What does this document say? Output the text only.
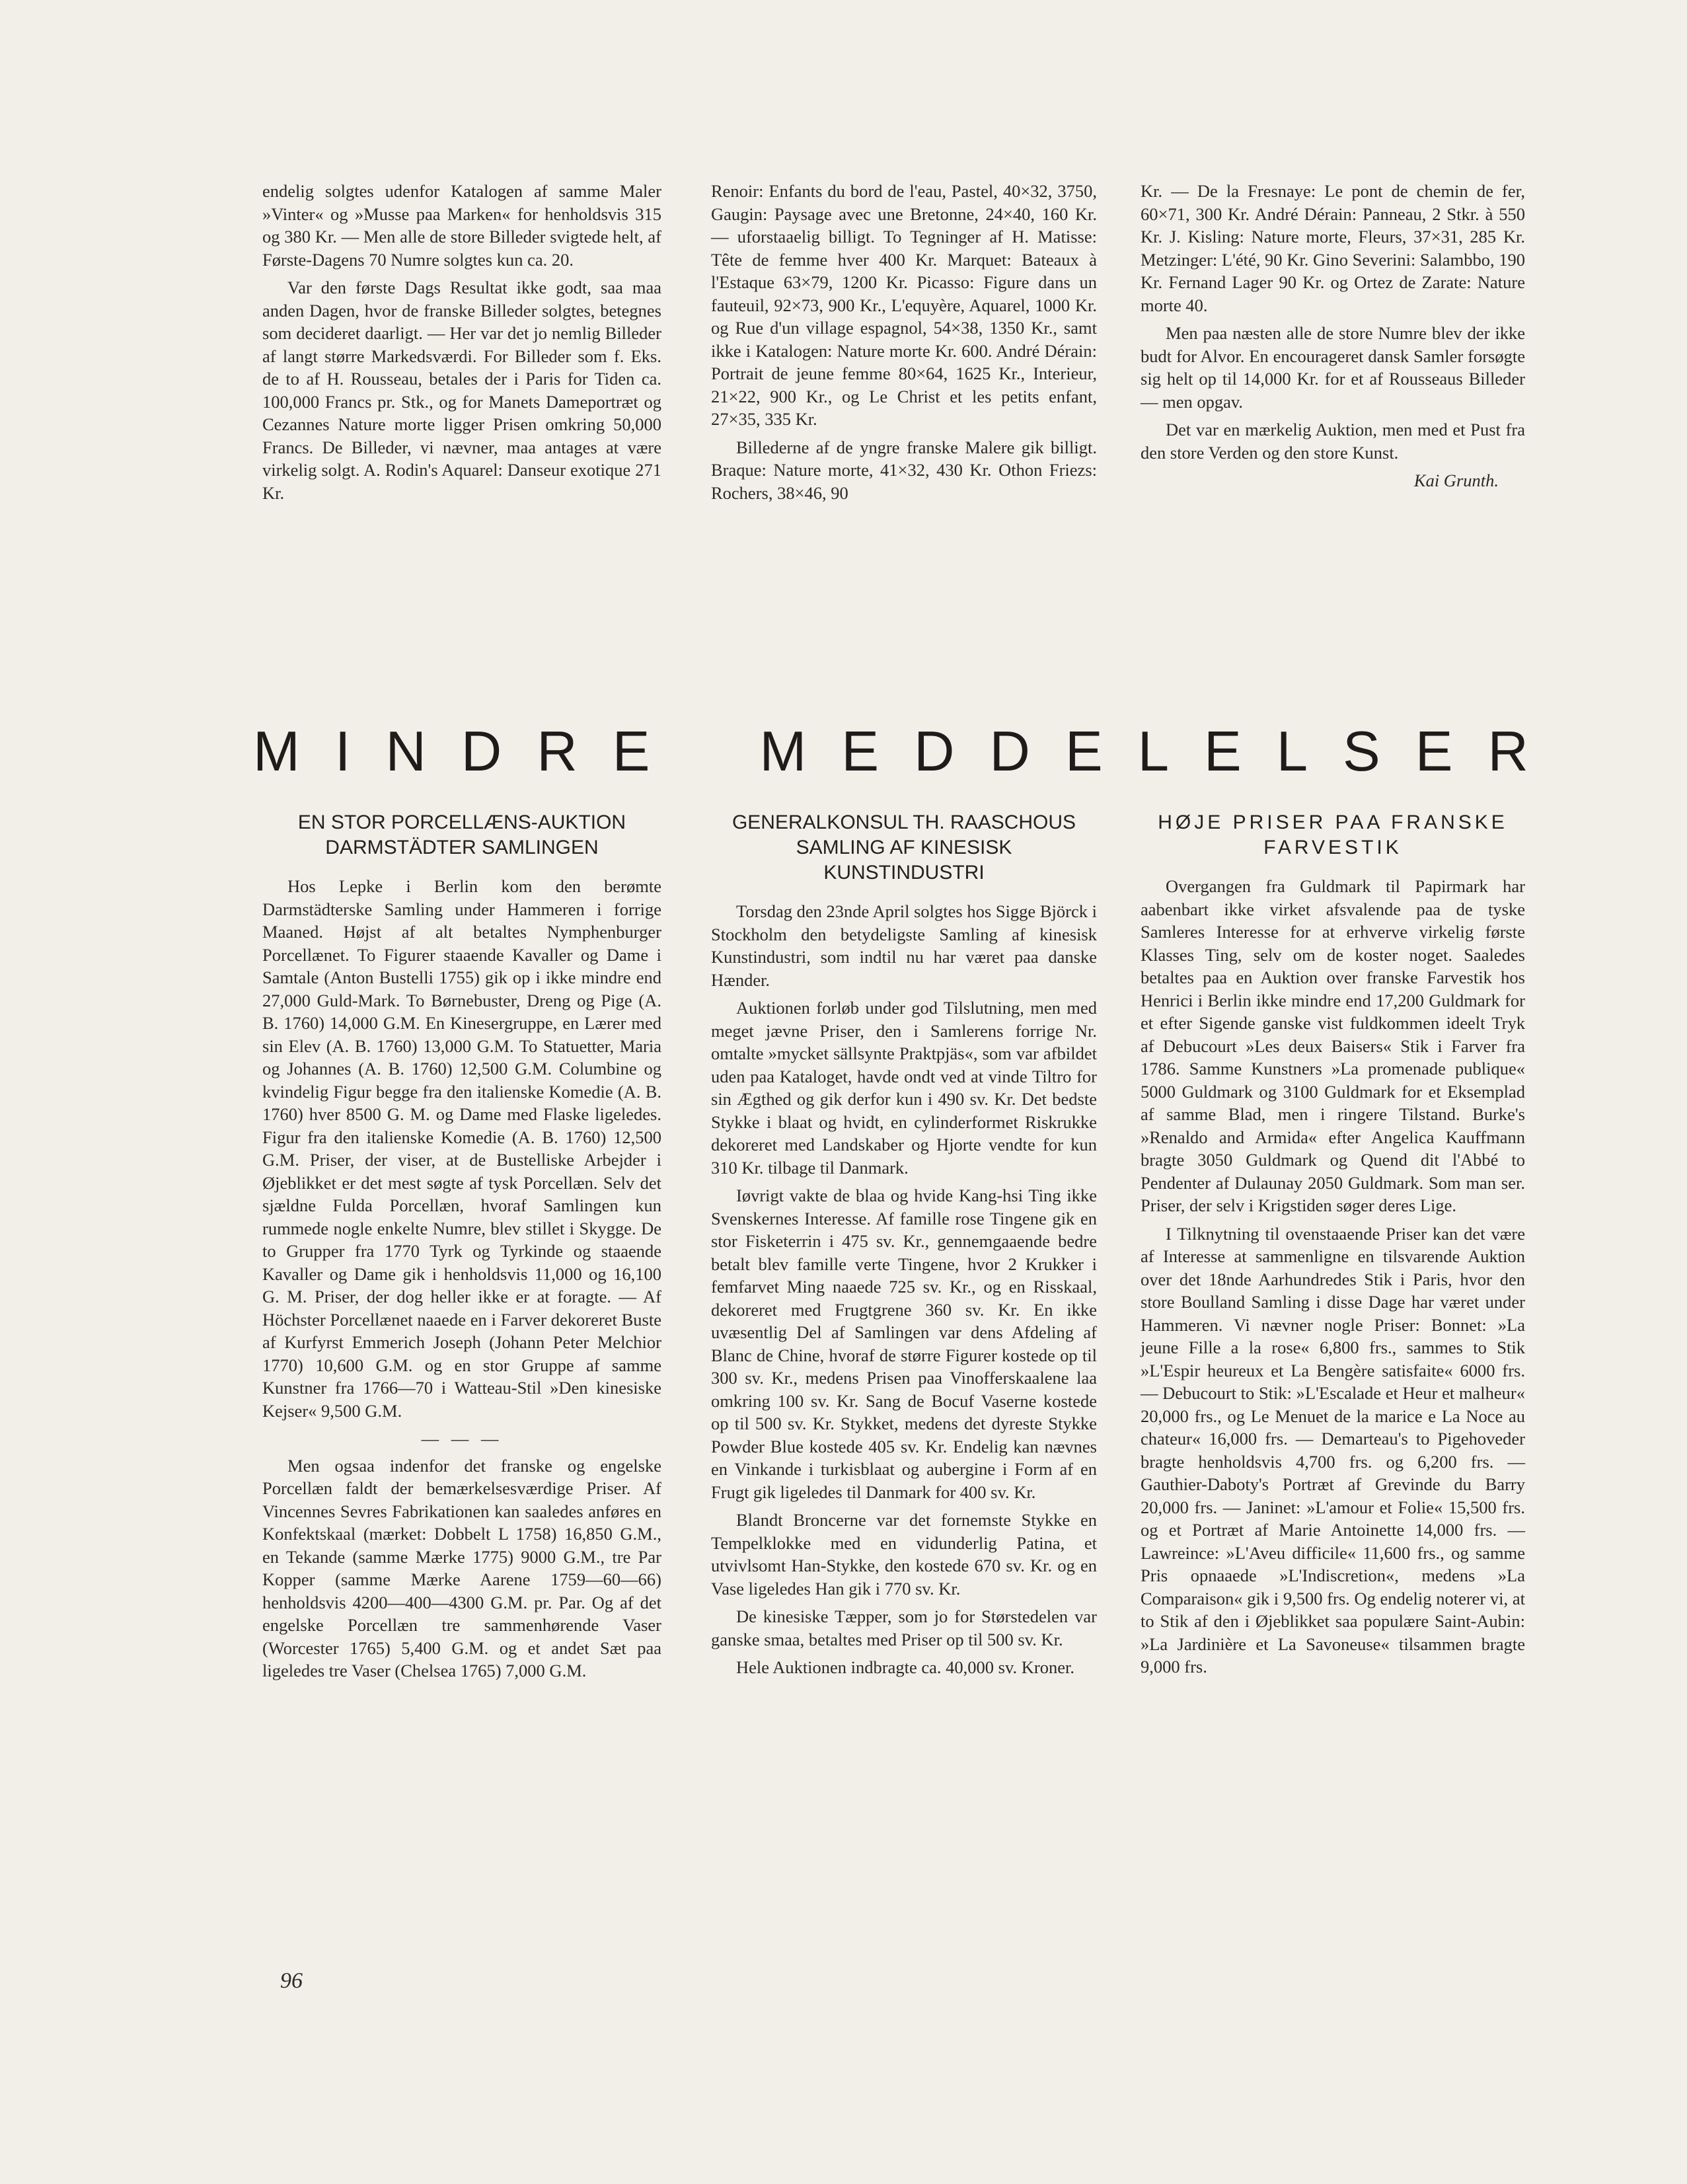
endelig solgtes udenfor Katalogen af samme Maler »Vinter« og »Musse paa Marken« for henholdsvis 315 og 380 Kr. — Men alle de store Billeder svigtede helt, af Første-Dagens 70 Numre solgtes kun ca. 20.

Var den første Dags Resultat ikke godt, saa maa anden Dagen, hvor de franske Billeder solgtes, betegnes som decideret daarligt. — Her var det jo nemlig Billeder af langt større Markedsværdi. For Billeder som f. Eks. de to af H. Rousseau, betales der i Paris for Tiden ca. 100,000 Francs pr. Stk., og for Manets Dameportræt og Cezannes Nature morte ligger Prisen omkring 50,000 Francs. De Billeder, vi nævner, maa antages at være virkelig solgt. A. Rodin's Aquarel: Danseur exotique 271 Kr.

Renoir: Enfants du bord de l'eau, Pastel, 40×32, 3750, Gaugin: Paysage avec une Bretonne, 24×40, 160 Kr. — uforstaaelig billigt. To Tegninger af H. Matisse: Tête de femme hver 400 Kr. Marquet: Bateaux à l'Estaque 63×79, 1200 Kr. Picasso: Figure dans un fauteuil, 92×73, 900 Kr., L'equyère, Aquarel, 1000 Kr. og Rue d'un village espagnol, 54×38, 1350 Kr., samt ikke i Katalogen: Nature morte Kr. 600. André Dérain: Portrait de jeune femme 80×64, 1625 Kr., Interieur, 21×22, 900 Kr., og Le Christ et les petits enfant, 27×35, 335 Kr.

Billederne af de yngre franske Malere gik billigt. Braque: Nature morte, 41×32, 430 Kr. Othon Friezs: Rochers, 38×46, 90

Kr. — De la Fresnaye: Le pont de chemin de fer, 60×71, 300 Kr. André Dérain: Panneau, 2 Stkr. à 550 Kr. J. Kisling: Nature morte, Fleurs, 37×31, 285 Kr. Metzinger: L'été, 90 Kr. Gino Severini: Salambbo, 190 Kr. Fernand Lager 90 Kr. og Ortez de Zarate: Nature morte 40.

Men paa næsten alle de store Numre blev der ikke budt for Alvor. En encourageret dansk Samler forsøgte sig helt op til 14,000 Kr. for et af Rousseaus Billeder — men opgav.

Det var en mærkelig Auktion, men med et Pust fra den store Verden og den store Kunst.

Kai Grunth.
M I N D R E M E D D E L E L S E R
EN STOR PORCELLÆNS-AUKTION
DARMSTÄDTER SAMLINGEN

Hos Lepke i Berlin kom den berømte Darmstädterske Samling under Hammeren i forrige Maaned. Højst af alt betaltes Nymphenburger Porcellænet. To Figurer staaende Kavaller og Dame i Samtale (Anton Bustelli 1755) gik op i ikke mindre end 27,000 Guld-Mark. To Børnebuster, Dreng og Pige (A. B. 1760) 14,000 G.M. En Kinesergruppe, en Lærer med sin Elev (A. B. 1760) 13,000 G.M. To Statuetter, Maria og Johannes (A. B. 1760) 12,500 G.M. Columbine og kvindelig Figur begge fra den italienske Komedie (A. B. 1760) hver 8500 G. M. og Dame med Flaske ligeledes. Figur fra den italienske Komedie (A. B. 1760) 12,500 G.M. Priser, der viser, at de Bustelliske Arbejder i Øjeblikket er det mest søgte af tysk Porcellæn. Selv det sjældne Fulda Porcellæn, hvoraf Samlingen kun rummede nogle enkelte Numre, blev stillet i Skygge. De to Grupper fra 1770 Tyrk og Tyrkinde og staaende Kavaller og Dame gik i henholdsvis 11,000 og 16,100 G. M. Priser, der dog heller ikke er at foragte. — Af Höchster Porcellænet naaede en i Farver dekoreret Buste af Kurfyrst Emmerich Joseph (Johann Peter Melchior 1770) 10,600 G.M. og en stor Gruppe af samme Kunstner fra 1766—70 i Watteau-Stil »Den kinesiske Kejser« 9,500 G.M.

— — —

Men ogsaa indenfor det franske og engelske Porcellæn faldt der bemærkelsesværdige Priser. Af Vincennes Sevres Fabrikationen kan saaledes anføres en Konfektskaal (mærket: Dobbelt L 1758) 16,850 G.M., en Tekande (samme Mærke 1775) 9000 G.M., tre Par Kopper (samme Mærke Aarene 1759—60—66) henholdsvis 4200—400—4300 G.M. pr. Par. Og af det engelske Porcellæn tre sammenhørende Vaser (Worcester 1765) 5,400 G.M. og et andet Sæt paa ligeledes tre Vaser (Chelsea 1765) 7,000 G.M.

GENERALKONSUL TH. RAASCHOUS
SAMLING AF KINESISK
KUNSTINDUSTRI

Torsdag den 23nde April solgtes hos Sigge Björck i Stockholm den betydeligste Samling af kinesisk Kunstindustri, som indtil nu har været paa danske Hænder.

Auktionen forløb under god Tilslutning, men med meget jævne Priser, den i Samlerens forrige Nr. omtalte »mycket sällsynte Praktpjäs«, som var afbildet uden paa Kataloget, havde ondt ved at vinde Tiltro for sin Ægthed og gik derfor kun i 490 sv. Kr. Det bedste Stykke i blaat og hvidt, en cylinderformet Riskrukke dekoreret med Landskaber og Hjorte vendte for kun 310 Kr. tilbage til Danmark.

Iøvrigt vakte de blaa og hvide Kang-hsi Ting ikke Svenskernes Interesse. Af famille rose Tingene gik en stor Fisketerrin i 475 sv. Kr., gennemgaaende bedre betalt blev famille verte Tingene, hvor 2 Krukker i femfarvet Ming naaede 725 sv. Kr., og en Risskaal, dekoreret med Frugtgrene 360 sv. Kr. En ikke uvæsentlig Del af Samlingen var dens Afdeling af Blanc de Chine, hvoraf de større Figurer kostede op til 300 sv. Kr., medens Prisen paa Vinofferskaalene laa omkring 100 sv. Kr. Sang de Bocuf Vaserne kostede op til 500 sv. Kr. Stykket, medens det dyreste Stykke Powder Blue kostede 405 sv. Kr. Endelig kan nævnes en Vinkande i turkisblaat og aubergine i Form af en Frugt gik ligeledes til Danmark for 400 sv. Kr.

Blandt Broncerne var det fornemste Stykke en Tempelklokke med en vidunderlig Patina, et utvivlsomt Han-Stykke, den kostede 670 sv. Kr. og en Vase ligeledes Han gik i 770 sv. Kr.

De kinesiske Tæpper, som jo for Størstedelen var ganske smaa, betaltes med Priser op til 500 sv. Kr.

Hele Auktionen indbragte ca. 40,000 sv. Kroner.

HØJE PRISER PAA FRANSKE
FARVESTIK

Overgangen fra Guldmark til Papirmark har aabenbart ikke virket afsvalende paa de tyske Samleres Interesse for at erhverve virkelig første Klasses Ting, selv om de koster noget. Saaledes betaltes paa en Auktion over franske Farvestik hos Henrici i Berlin ikke mindre end 17,200 Guldmark for et efter Sigende ganske vist fuldkommen ideelt Tryk af Debucourt »Les deux Baisers« Stik i Farver fra 1786. Samme Kunstners »La promenade publique« 5000 Guldmark og 3100 Guldmark for et Eksemplad af samme Blad, men i ringere Tilstand. Burke's »Renaldo and Armida« efter Angelica Kauffmann bragte 3050 Guldmark og Quend dit l'Abbé to Pendenter af Dulaunay 2050 Guldmark. Som man ser. Priser, der selv i Krigstiden søger deres Lige.

I Tilknytning til ovenstaaende Priser kan det være af Interesse at sammenligne en tilsvarende Auktion over det 18nde Aarhundredes Stik i Paris, hvor den store Boulland Samling i disse Dage har været under Hammeren. Vi nævner nogle Priser: Bonnet: »La jeune Fille a la rose« 6,800 frs., sammes to Stik »L'Espir heureux et La Bengère satisfaite« 6000 frs. — Debucourt to Stik: »L'Escalade et Heur et malheur« 20,000 frs., og Le Menuet de la marice e La Noce au chateur« 16,000 frs. — Demarteau's to Pigehoveder bragte henholdsvis 4,700 frs. og 6,200 frs. — Gauthier-Daboty's Portræt af Grevinde du Barry 20,000 frs. — Janinet: »L'amour et Folie« 15,500 frs. og et Portræt af Marie Antoinette 14,000 frs. — Lawreince: »L'Aveu difficile« 11,600 frs., og samme Pris opnaaede »L'Indiscretion«, medens »La Comparaison« gik i 9,500 frs. Og endelig noterer vi, at to Stik af den i Øjeblikket saa populære Saint-Aubin: »La Jardinière et La Savoneuse« tilsammen bragte 9,000 frs.

96
